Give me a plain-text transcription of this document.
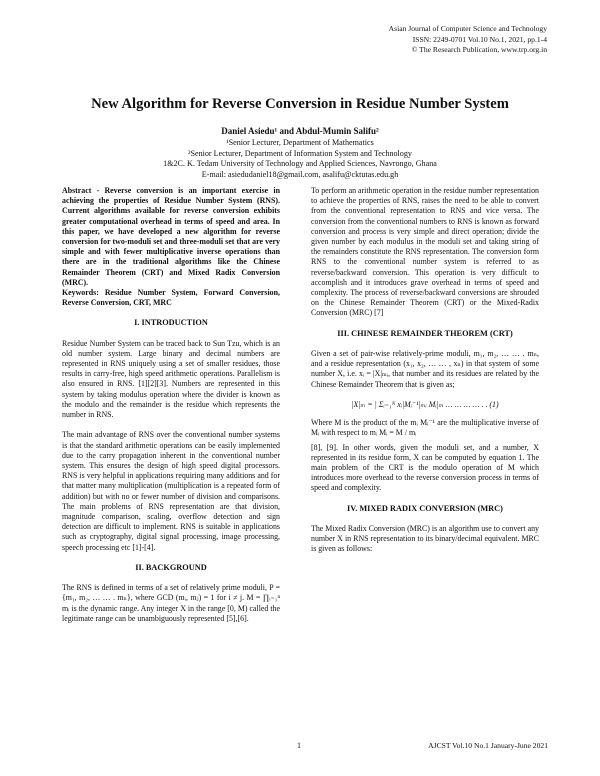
Asian Journal of Computer Science and Technology
ISSN: 2249-0701 Vol.10 No.1, 2021, pp.1-4
© The Research Publication, www.trp.org.in
New Algorithm for Reverse Conversion in Residue Number System
Daniel Asiedu¹ and Abdul-Mumin Salifu²
¹Senior Lecturer, Department of Mathematics
²Senior Lecturer, Department of Information System and Technology
1&2C. K. Tedam University of Technology and Applied Sciences, Navrongo, Ghana
E-mail: asiedudaniel18@gmail.com, asalifu@cktutas.edu.gh

Abstract - Reverse conversion is an important exercise in achieving the properties of Residue Number System (RNS). Current algorithms available for reverse conversion exhibits greater computational overhead in terms of speed and area. In this paper, we have developed a new algorithm for reverse conversion for two-moduli set and three-moduli set that are very simple and with fewer multiplicative inverse operations than there are in the traditional algorithms like the Chinese Remainder Theorem (CRT) and Mixed Radix Conversion (MRC).

Keywords: Residue Number System, Forward Conversion, Reverse Conversion, CRT, MRC

I. INTRODUCTION

Residue Number System can be traced back to Sun Tzu, which is an old number system. Large binary and decimal numbers are represented in RNS uniquely using a set of smaller residues, those results in carry-free, high speed arithmetic operations. Parallelism is also ensured in RNS. [1][2][3]. Numbers are represented in this system by taking modulus operation where the divider is known as the modulo and the remainder is the residue which represents the number in RNS.

The main advantage of RNS over the conventional number systems is that the standard arithmetic operations can be easily implemented due to the carry propagation inherent in the conventional number system. This ensures the design of high speed digital processors. RNS is very helpful in applications requiring many additions and for that matter many multiplication (multiplication is a repeated form of addition) but with no or fewer number of division and comparisons. The main problems of RNS representation are that division, magnitude comparison, scaling, overflow detection and sign detection are difficult to implement. RNS is suitable in applications such as cryptography, digital signal processing, image processing, speech processing etc [1]-[4].

II. BACKGROUND

The RNS is defined in terms of a set of relatively prime moduli, P = {m₁, m₂, … … . mₙ}, where GCD (mᵢ, mⱼ) = 1 for i ≠ j. M = ∏ᵢ₌₁ⁿ mᵢ is the dynamic range. Any integer X in the range [0, M) called the legitimate range can be unambiguously represented [5],[6].

To perform an arithmetic operation in the residue number representation to achieve the properties of RNS, raises the need to be able to convert from the conventional representation to RNS and vice versa. The conversion from the conventional numbers to RNS is known as forward conversion and process is very simple and direct operation; divide the given number by each modulus in the moduli set and taking string of the remainders constitute the RNS representation. The conversion form RNS to the conventional number system is referred to as reverse/backward conversion. This operation is very difficult to accomplish and it introduces grave overhead in terms of speed and complexity. The process of reverse/backward conversions are shrouded on the Chinese Remainder Theorem (CRT) or the Mixed-Radix Conversion (MRC) [7]

III. CHINESE REMAINDER THEOREM (CRT)

Given a set of pair-wise relatively-prime moduli, m₁, m₂, … … . mₙ, and a residue representation (x₁, x₂, … … , xₙ) in that system of some number X, i.e. xᵢ = |X|ₘᵢ, that number and its residues are related by the Chinese Remainder Theorem that is given as;

|X|ₘ = | Σᵢ₌₁ᴺ xᵢ|Mᵢ⁻¹|ₘᵢ Mᵢ|ₘ … … … … . . (1)

Where M is the product of the mᵢ Mᵢ⁻¹ are the multiplicative inverse of Mᵢ with respect to mᵢ Mᵢ = M / mᵢ

[8], [9]. In other words, given the moduli set, and a number, X represented in its residue form, X can be computed by equation 1. The main problem of the CRT is the modulo operation of M which introduces more overhead to the reverse conversion process in terms of speed and complexity.

IV. MIXED RADIX CONVERSION (MRC)

The Mixed Radix Conversion (MRC) is an algorithm use to convert any number X in RNS representation to its binary/decimal equivalent. MRC is given as follows:

1	AJCST Vol.10 No.1 January-June 2021
